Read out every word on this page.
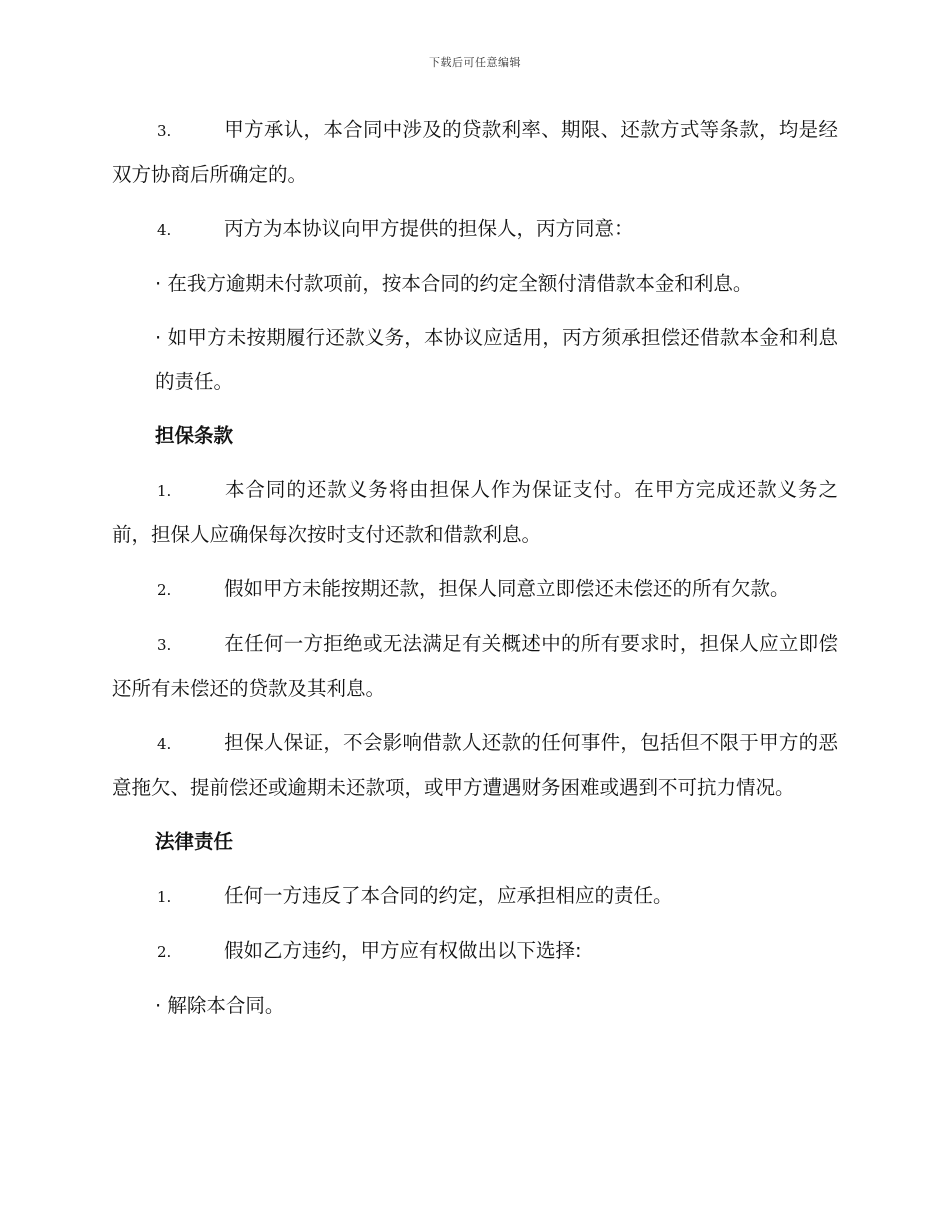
下载后可任意编辑

3.	甲方承认，本合同中涉及的贷款利率、期限、还款方式等条款，均是经双方协商后所确定的。

4.	丙方为本协议向甲方提供的担保人，丙方同意：

· 在我方逾期未付款项前，按本合同的约定全额付清借款本金和利息。

· 如甲方未按期履行还款义务，本协议应适用，丙方须承担偿还借款本金和利息的责任。

担保条款

1.	本合同的还款义务将由担保人作为保证支付。在甲方完成还款义务之前，担保人应确保每次按时支付还款和借款利息。

2.	假如甲方未能按期还款，担保人同意立即偿还未偿还的所有欠款。

3.	在任何一方拒绝或无法满足有关概述中的所有要求时，担保人应立即偿还所有未偿还的贷款及其利息。

4.	担保人保证，不会影响借款人还款的任何事件，包括但不限于甲方的恶意拖欠、提前偿还或逾期未还款项，或甲方遭遇财务困难或遇到不可抗力情况。

法律责任

1.	任何一方违反了本合同的约定，应承担相应的责任。

2.	假如乙方违约，甲方应有权做出以下选择:

· 解除本合同。
